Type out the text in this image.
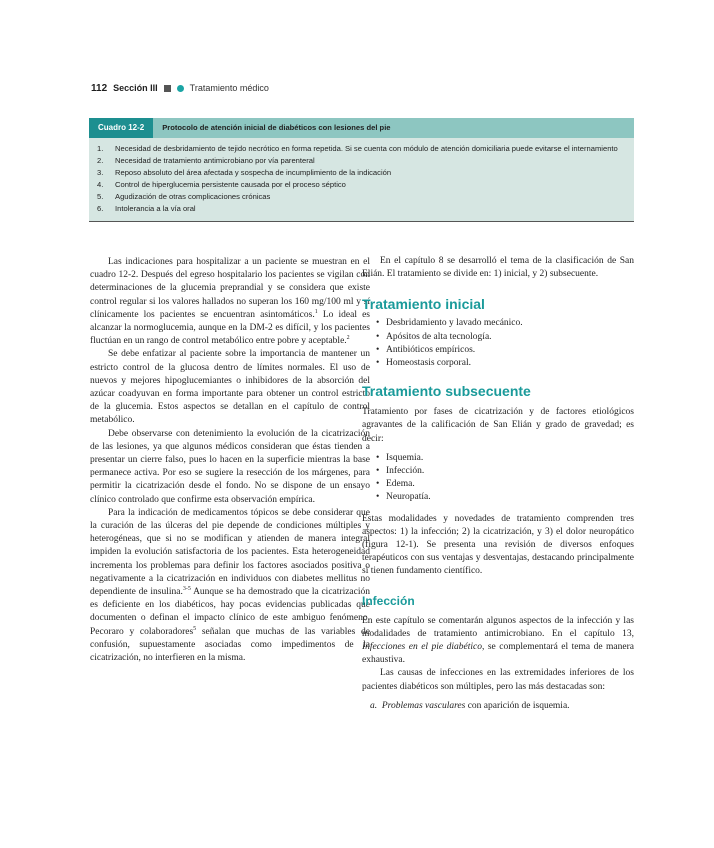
112 Sección III	Tratamiento médico
Cuadro 12-2	Protocolo de atención inicial de diabéticos con lesiones del pie
1. Necesidad de desbridamiento de tejido necrótico en forma repetida. Si se cuenta con módulo de atención domiciliaria puede evitarse el internamiento
2. Necesidad de tratamiento antimicrobiano por vía parenteral
3. Reposo absoluto del área afectada y sospecha de incumplimiento de la indicación
4. Control de hiperglucemia persistente causada por el proceso séptico
5. Agudización de otras complicaciones crónicas
6. Intolerancia a la vía oral

Las indicaciones para hospitalizar a un paciente se muestran en el cuadro 12-2. Después del egreso hospitalario los pacientes se vigilan con determinaciones de la glucemia preprandial y se considera que existe control regular si los valores hallados no superan los 160 mg/100 ml y sí clínicamente los pacientes se encuentran asintomáticos.$^1$ Lo ideal es alcanzar la normoglucemia, aunque en la DM-2 es difícil, y los pacientes fluctúan en un rango de control metabólico entre pobre y aceptable.$^2$

Se debe enfatizar al paciente sobre la importancia de mantener un estricto control de la glucosa dentro de límites normales. El uso de nuevos y mejores hipoglucemiantes o inhibidores de la absorción del azúcar coadyuvan en forma importante para obtener un control estricto de la glucemia. Estos aspectos se detallan en el capítulo de control metabólico.

Debe observarse con detenimiento la evolución de la cicatrización de las lesiones, ya que algunos médicos consideran que éstas tienden a presentar un cierre falso, pues lo hacen en la superficie mientras la base permanece activa. Por eso se sugiere la resección de los márgenes, para permitir la cicatrización desde el fondo. No se dispone de un ensayo clínico controlado que confirme esta observación empírica.

Para la indicación de medicamentos tópicos se debe considerar que la curación de las úlceras del pie depende de condiciones múltiples y heterogéneas, que si no se modifican y atienden de manera integral impiden la evolución satisfactoria de los pacientes. Esta heterogeneidad incrementa los problemas para definir los factores asociados positiva o negativamente a la cicatrización en individuos con diabetes mellitus no dependiente de insulina.$^{3-5}$ Aunque se ha demostrado que la cicatrización es deficiente en los diabéticos, hay pocas evidencias publicadas que documenten o definan el impacto clínico de este ambiguo fenómeno. Pecoraro y colaboradores$^5$ señalan que muchas de las variables de confusión, supuestamente asociadas como impedimentos de la cicatrización, no interfieren en la misma.

En el capítulo 8 se desarrolló el tema de la clasificación de San Elián. El tratamiento se divide en: 1) inicial, y 2) subsecuente.

Tratamiento inicial
• Desbridamiento y lavado mecánico.
• Apósitos de alta tecnología.
• Antibióticos empíricos.
• Homeostasis corporal.
Tratamiento subsecuente

Tratamiento por fases de cicatrización y de factores etiológicos agravantes de la calificación de San Elián y grado de gravedad; es decir:

• Isquemia.
• Infección.
• Edema.
• Neuropatía.

Estas modalidades y novedades de tratamiento comprenden tres aspectos: 1) la infección; 2) la cicatrización, y 3) el dolor neuropático (figura 12-1). Se presenta una revisión de diversos enfoques terapéuticos con sus ventajas y desventajas, destacando principalmente si tienen fundamento científico.

Infección

En este capítulo se comentarán algunos aspectos de la infección y las modalidades de tratamiento antimicrobiano. En el capítulo 13, Infecciones en el pie diabético, se complementará el tema de manera exhaustiva.

Las causas de infecciones en las extremidades inferiores de los pacientes diabéticos son múltiples, pero las más destacadas son:

a. Problemas vasculares con aparición de isquemia.
